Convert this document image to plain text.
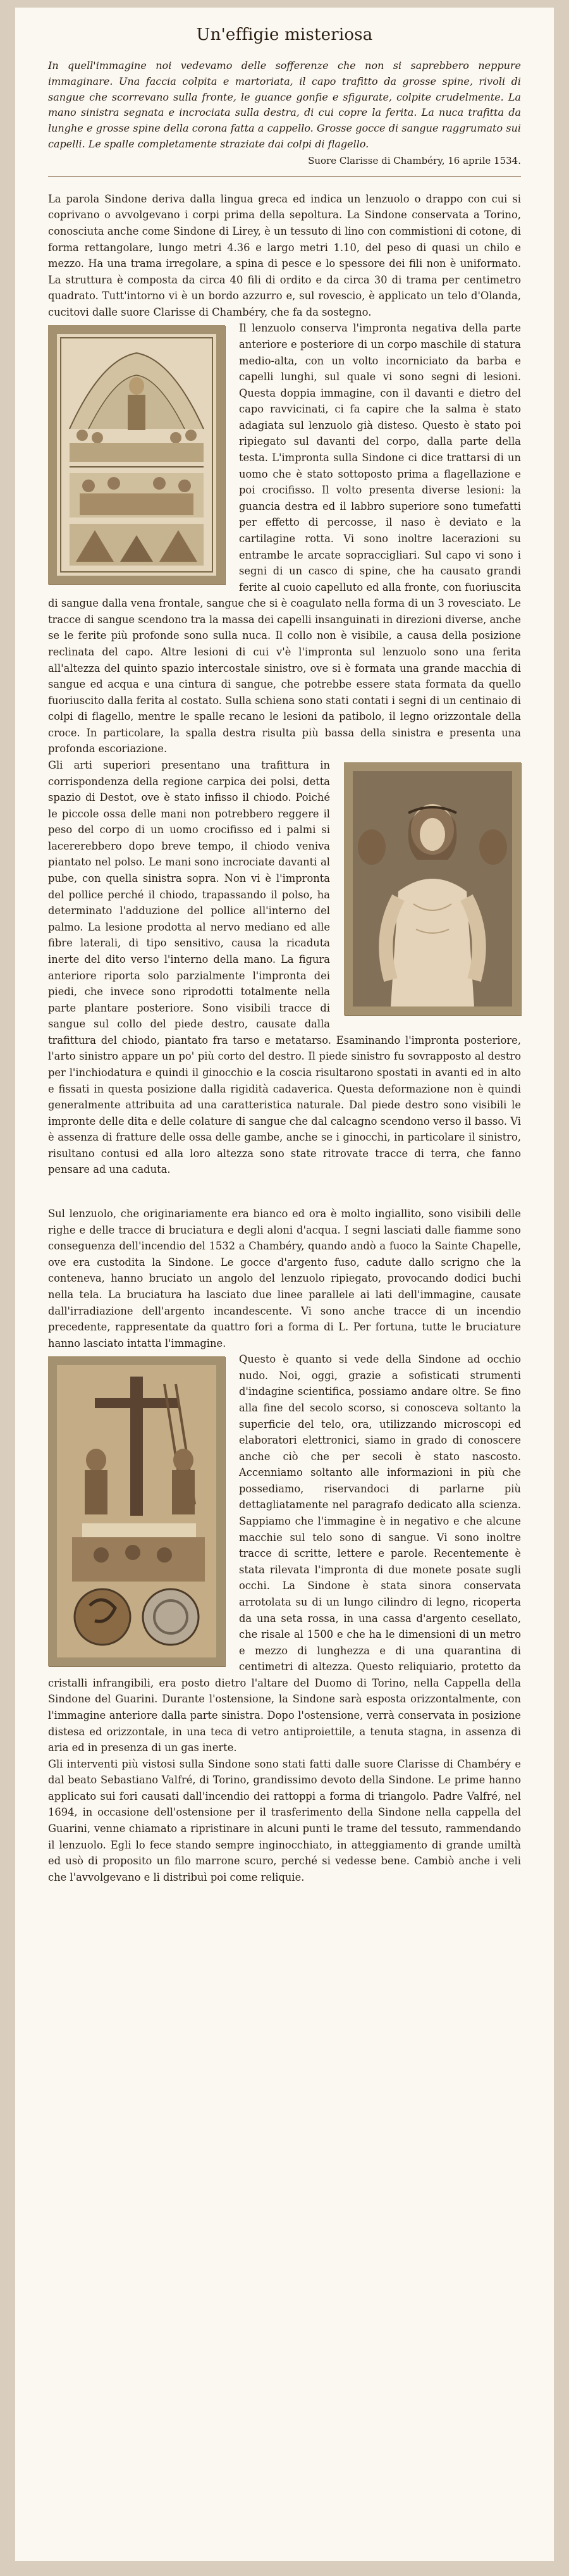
Un'effigie misteriosa

In quell'immagine noi vedevamo delle sofferenze che non si saprebbero neppure immaginare. Una faccia colpita e martoriata, il capo trafitto da grosse spine, rivoli di sangue che scorrevano sulla fronte, le guance gonfie e sfigurate, colpite crudelmente. La mano sinistra segnata e incrociata sulla destra, di cui copre la ferita. La nuca trafitta da lunghe e grosse spine della corona fatta a cappello. Grosse gocce di sangue raggrumato sui capelli. Le spalle completamente straziate dai colpi di flagello.

Suore Clarisse di Chambéry, 16 aprile 1534.

La parola Sindone deriva dalla lingua greca ed indica un lenzuolo o drappo con cui si coprivano o avvolgevano i corpi prima della sepoltura. La Sindone conservata a Torino, conosciuta anche come Sindone di Lirey, è un tessuto di lino con commistioni di cotone, di forma rettangolare, lungo metri 4.36 e largo metri 1.10, del peso di quasi un chilo e mezzo. Ha una trama irregolare, a spina di pesce e lo spessore dei fili non è uniformato. La struttura è composta da circa 40 fili di ordito e da circa 30 di trama per centimetro quadrato. Tutt'intorno vi è un bordo azzurro e, sul rovescio, è applicato un telo d'Olanda, cucitovi dalle suore Clarisse di Chambéry, che fa da sostegno.

Il lenzuolo conserva l'impronta negativa della parte anteriore e posteriore di un corpo maschile di statura medio-alta, con un volto incorniciato da barba e capelli lunghi, sul quale vi sono segni di lesioni. Questa doppia immagine, con il davanti e dietro del capo ravvicinati, ci fa capire che la salma è stato adagiata sul lenzuolo già disteso. Questo è stato poi ripiegato sul davanti del corpo, dalla parte della testa. L'impronta sulla Sindone ci dice trattarsi di un uomo che è stato sottoposto prima a flagellazione e poi crocifisso. Il volto presenta diverse lesioni: la guancia destra ed il labbro superiore sono tumefatti per effetto di percosse, il naso è deviato e la cartilagine rotta. Vi sono inoltre lacerazioni su entrambe le arcate sopraccigliari. Sul capo vi sono i segni di un casco di spine, che ha causato grandi ferite al cuoio capelluto ed alla fronte, con fuoriuscita di sangue dalla vena frontale, sangue che si è coagulato nella forma di un 3 rovesciato. Le tracce di sangue scendono tra la massa dei capelli insanguinati in direzioni diverse, anche se le ferite più profonde sono sulla nuca. Il collo non è visibile, a causa della posizione reclinata del capo. Altre lesioni di cui v'è l'impronta sul lenzuolo sono una ferita all'altezza del quinto spazio intercostale sinistro, ove si è formata una grande macchia di sangue ed acqua e una cintura di sangue, che potrebbe essere stata formata da quello fuoriuscito dalla ferita al costato. Sulla schiena sono stati contati i segni di un centinaio di colpi di flagello, mentre le spalle recano le lesioni da patibolo, il legno orizzontale della croce. In particolare, la spalla destra risulta più bassa della sinistra e presenta una profonda escoriazione.

Gli arti superiori presentano una trafittura in corrispondenza della regione carpica dei polsi, detta spazio di Destot, ove è stato infisso il chiodo. Poiché le piccole ossa delle mani non potrebbero reggere il peso del corpo di un uomo crocifisso ed i palmi si lacererebbero dopo breve tempo, il chiodo veniva piantato nel polso. Le mani sono incrociate davanti al pube, con quella sinistra sopra. Non vi è l'impronta del pollice perché il chiodo, trapassando il polso, ha determinato l'adduzione del pollice all'interno del palmo. La lesione prodotta al nervo mediano ed alle fibre laterali, di tipo sensitivo, causa la ricaduta inerte del dito verso l'interno della mano. La figura anteriore riporta solo parzialmente l'impronta dei piedi, che invece sono riprodotti totalmente nella parte plantare posteriore. Sono visibili tracce di sangue sul collo del piede destro, causate dalla trafittura del chiodo, piantato fra tarso e metatarso. Esaminando l'impronta posteriore, l'arto sinistro appare un po' più corto del destro. Il piede sinistro fu sovrapposto al destro per l'inchiodatura e quindi il ginocchio e la coscia risultarono spostati in avanti ed in alto e fissati in questa posizione dalla rigidità cadaverica. Questa deformazione non è quindi generalmente attribuita ad una caratteristica naturale. Dal piede destro sono visibili le impronte delle dita e delle colature di sangue che dal calcagno scendono verso il basso. Vi è assenza di fratture delle ossa delle gambe, anche se i ginocchi, in particolare il sinistro, risultano contusi ed alla loro altezza sono state ritrovate tracce di terra, che fanno pensare ad una caduta.

Sul lenzuolo, che originariamente era bianco ed ora è molto ingiallito, sono visibili delle righe e delle tracce di bruciatura e degli aloni d'acqua. I segni lasciati dalle fiamme sono conseguenza dell'incendio del 1532 a Chambéry, quando andò a fuoco la Sainte Chapelle, ove era custodita la Sindone. Le gocce d'argento fuso, cadute dallo scrigno che la conteneva, hanno bruciato un angolo del lenzuolo ripiegato, provocando dodici buchi nella tela. La bruciatura ha lasciato due linee parallele ai lati dell'immagine, causate dall'irradiazione dell'argento incandescente. Vi sono anche tracce di un incendio precedente, rappresentate da quattro fori a forma di L. Per fortuna, tutte le bruciature hanno lasciato intatta l'immagine.

Questo è quanto si vede della Sindone ad occhio nudo. Noi, oggi, grazie a sofisticati strumenti d'indagine scientifica, possiamo andare oltre. Se fino alla fine del secolo scorso, si conosceva soltanto la superficie del telo, ora, utilizzando microscopi ed elaboratori elettronici, siamo in grado di conoscere anche ciò che per secoli è stato nascosto. Accenniamo soltanto alle informazioni in più che possediamo, riservandoci di parlarne più dettagliatamente nel paragrafo dedicato alla scienza. Sappiamo che l'immagine è in negativo e che alcune macchie sul telo sono di sangue. Vi sono inoltre tracce di scritte, lettere e parole. Recentemente è stata rilevata l'impronta di due monete posate sugli occhi. La Sindone è stata sinora conservata arrotolata su di un lungo cilindro di legno, ricoperta da una seta rossa, in una cassa d'argento cesellato, che risale al 1500 e che ha le dimensioni di un metro e mezzo di lunghezza e di una quarantina di centimetri di altezza. Questo reliquiario, protetto da cristalli infrangibili, era posto dietro l'altare del Duomo di Torino, nella Cappella della Sindone del Guarini. Durante l'ostensione, la Sindone sarà esposta orizzontalmente, con l'immagine anteriore dalla parte sinistra. Dopo l'ostensione, verrà conservata in posizione distesa ed orizzontale, in una teca di vetro antiproiettile, a tenuta stagna, in assenza di aria ed in presenza di un gas inerte.

Gli interventi più vistosi sulla Sindone sono stati fatti dalle suore Clarisse di Chambéry e dal beato Sebastiano Valfré, di Torino, grandissimo devoto della Sindone. Le prime hanno applicato sui fori causati dall'incendio dei rattoppi a forma di triangolo. Padre Valfré, nel 1694, in occasione dell'ostensione per il trasferimento della Sindone nella cappella del Guarini, venne chiamato a ripristinare in alcuni punti le trame del tessuto, rammendando il lenzuolo. Egli lo fece stando sempre inginocchiato, in atteggiamento di grande umiltà ed usò di proposito un filo marrone scuro, perché si vedesse bene. Cambiò anche i veli che l'avvolgevano e li distribuì poi come reliquie.
